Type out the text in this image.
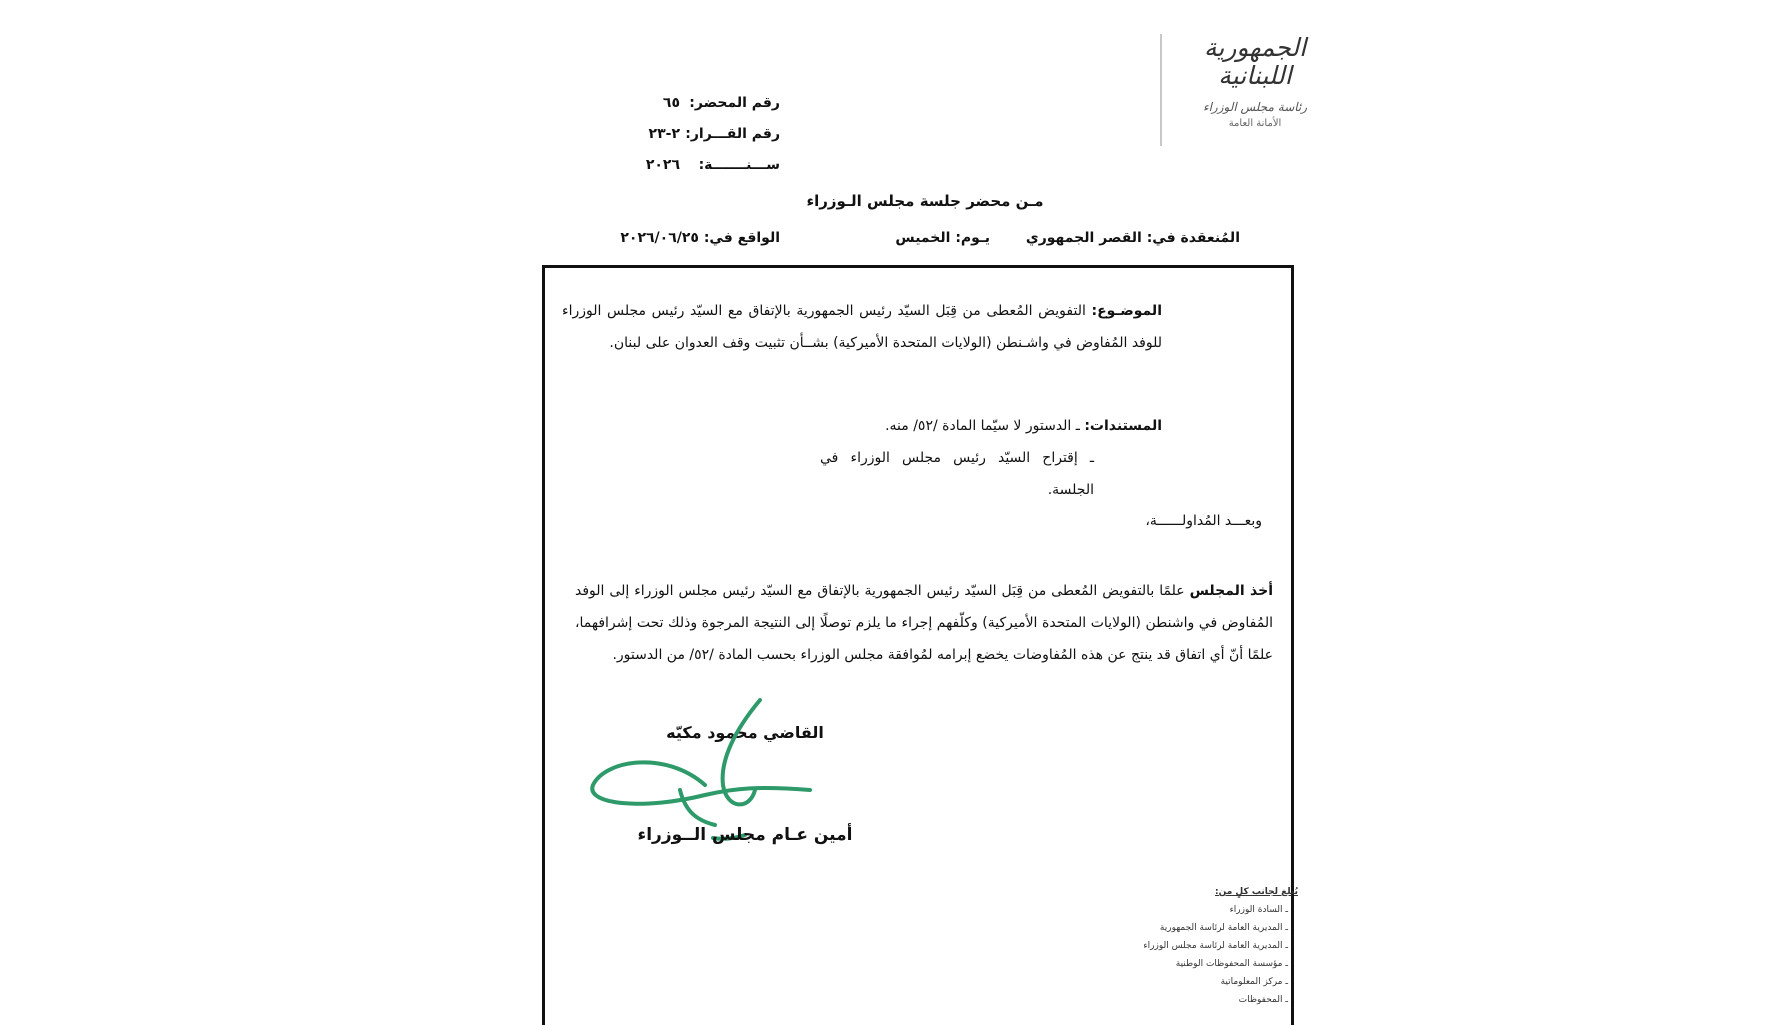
الجمهورية اللبنانية
رئاسة مجلس الوزراء
الأمانة العامة
رقم المحضر:
٦٥
رقم القـــرار:
٢-٢٣
ســـنـــــــة:
٢٠٢٦
مـن محضر جلسة مجلس الـوزراء
المُنعقدة في: القصر الجمهوري
يـوم: الخميس
الواقع في: ٢٠٢٦/٠٦/٢٥
الموضـوع: التفويض المُعطى من قِبَل السيّد رئيس الجمهورية بالإتفاق مع السيّد رئيس مجلس الوزراء للوفد المُفاوض في واشـنطن (الولايات المتحدة الأميركية) بشــأن تثبيت وقف العدوان على لبنان.
المستندات: ـ الدستور لا سيّما المادة /٥٢/ منه.
ـ إقتراح السيّد رئيس مجلس الوزراء في الجلسة.
وبعـــد المُداولــــــة،
أخذ المجلس علمًا بالتفويض المُعطى من قِبَل السيّد رئيس الجمهورية بالإتفاق مع السيّد رئيس مجلس الوزراء إلى الوفد المُفاوض في واشنطن (الولايات المتحدة الأميركية) وكلّفهم إجراء ما يلزم توصلًا إلى النتيجة المرجوة وذلك تحت إشرافهما، علمًا أنّ أي اتفاق قد ينتج عن هذه المُفاوضات يخضع إبرامه لمُوافقة مجلس الوزراء بحسب المادة /٥٢/ من الدستور.
القاضي محمود مكيّه
أمين عـام مجلس الــوزراء
يُبلغ لجانب كلٍ من:
ـ السادة الوزراء
ـ المديرية العامة لرئاسة الجمهورية
ـ المديرية العامة لرئاسة مجلس الوزراء
ـ مؤسسة المحفوظات الوطنية
ـ مركز المعلوماتية
ـ المحفوظات
